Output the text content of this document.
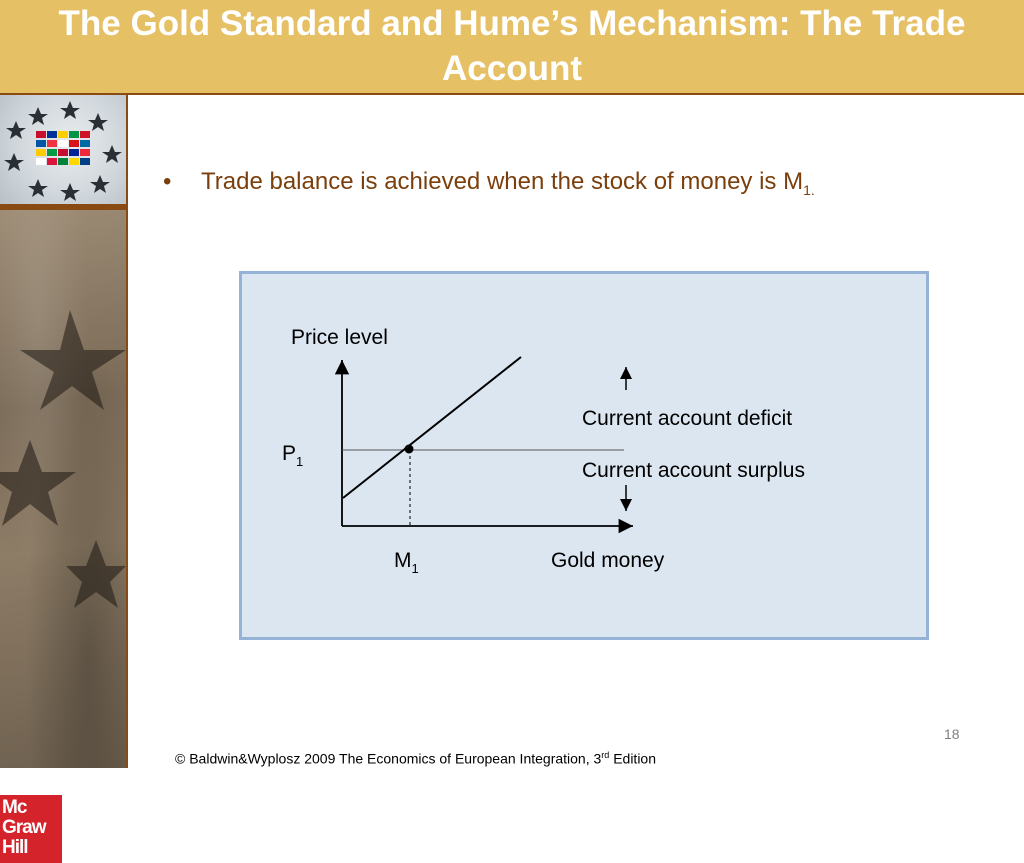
The Gold Standard and Hume’s Mechanism: The Trade Account
Mc
Graw
Hill
• Trade balance is achieved when the stock of money is $M_{1.}$
Price level
Gold money
Current account deficit
Current account surplus
$P_1$
$M_1$
18
© Baldwin&Wyplosz 2009 The Economics of European Integration, 3rd Edition
